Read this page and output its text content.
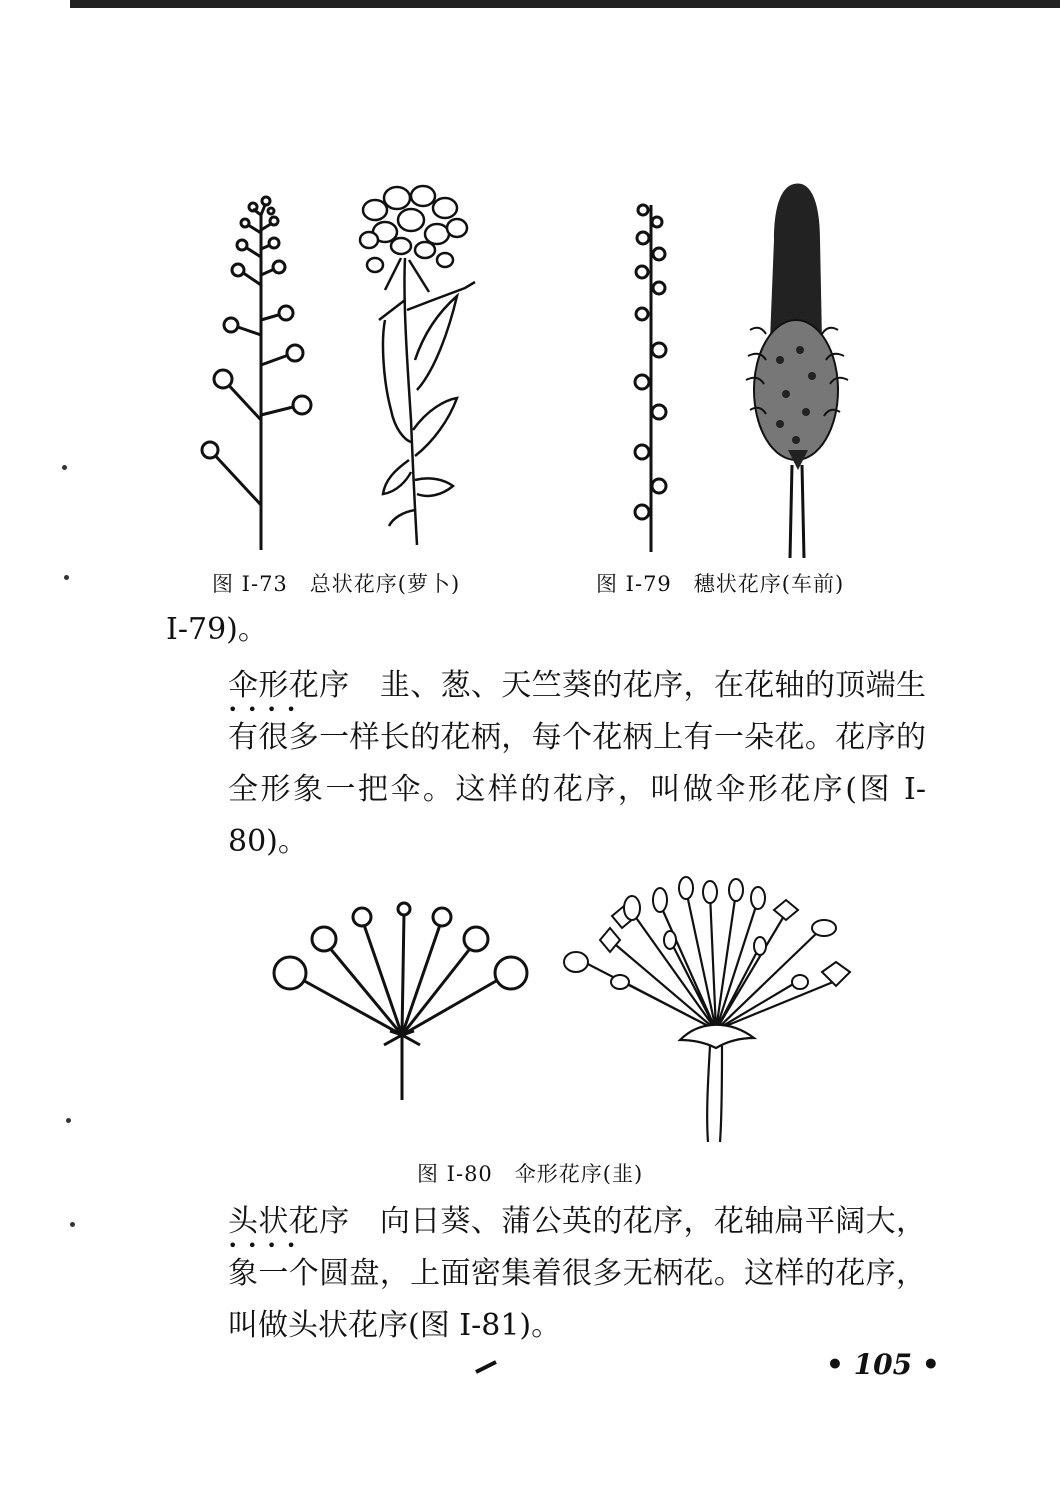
图 I-73　总状花序(萝卜)	图 I-79　穗状花序(车前)

I-79)。

伞形花序
••••
　韭、葱、天竺葵的花序，在花轴的顶端生有很多一样长的花柄，每个花柄上有一朵花。花序的全形象一把伞。这样的花序，叫做伞形花序(图 I-80)。

图 I-80　伞形花序(韭)

头状花序
••••
　向日葵、蒲公英的花序，花轴扁平阔大，象一个圆盘，上面密集着很多无柄花。这样的花序，叫做头状花序(图 I-81)。

• 105 •
